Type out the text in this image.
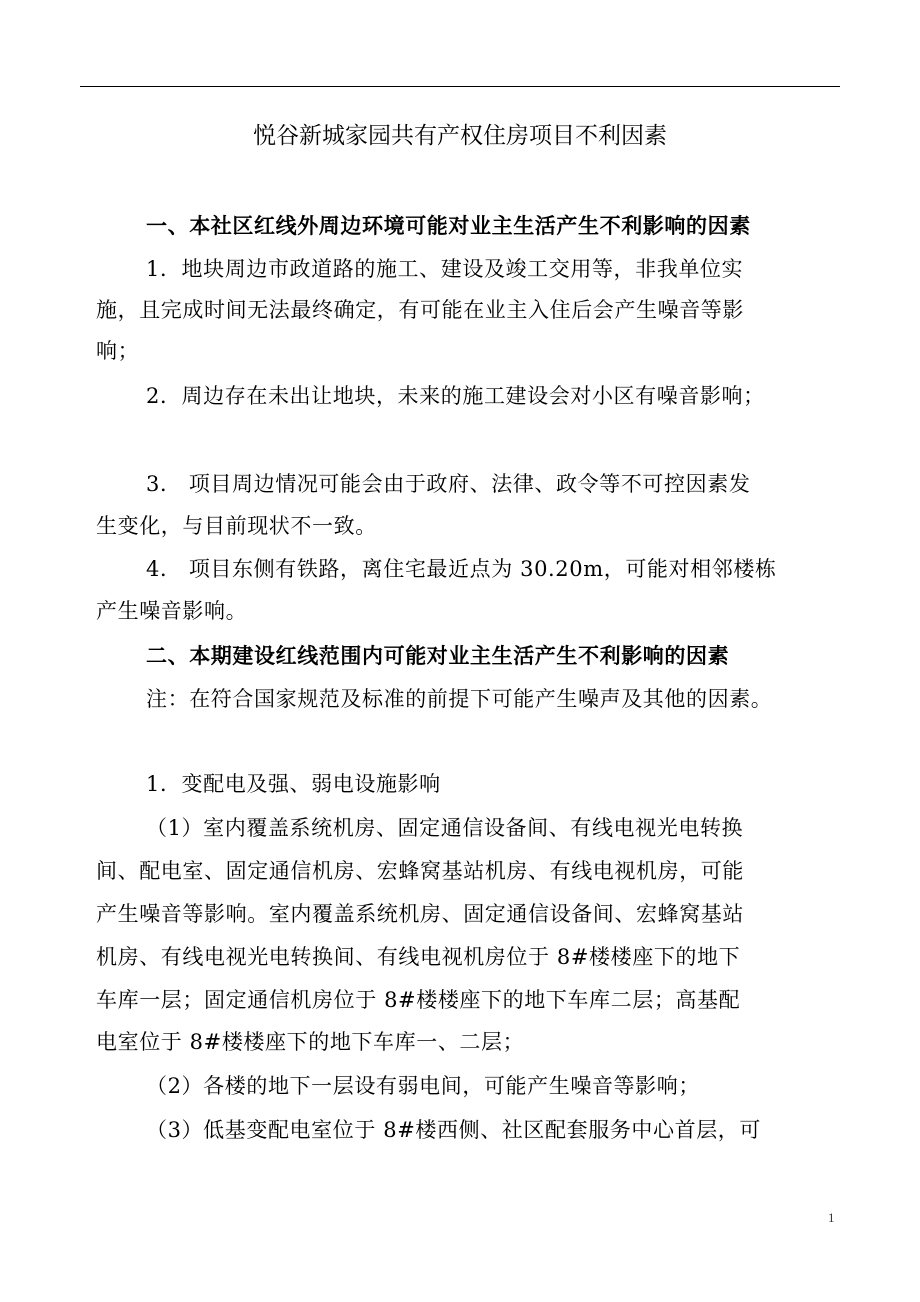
悦谷新城家园共有产权住房项目不利因素
一、本社区红线外周边环境可能对业主生活产生不利影响的因素
1．地块周边市政道路的施工、建设及竣工交用等，非我单位实
施，且完成时间无法最终确定，有可能在业主入住后会产生噪音等影
响；
2．周边存在未出让地块，未来的施工建设会对小区有噪音影响；
3． 项目周边情况可能会由于政府、法律、政令等不可控因素发
生变化，与目前现状不一致。
4． 项目东侧有铁路，离住宅最近点为 30.20m，可能对相邻楼栋
产生噪音影响。
二、本期建设红线范围内可能对业主生活产生不利影响的因素
注：在符合国家规范及标准的前提下可能产生噪声及其他的因素。
1．变配电及强、弱电设施影响
（1）室内覆盖系统机房、固定通信设备间、有线电视光电转换
间、配电室、固定通信机房、宏蜂窝基站机房、有线电视机房，可能
产生噪音等影响。室内覆盖系统机房、固定通信设备间、宏蜂窝基站
机房、有线电视光电转换间、有线电视机房位于 8#楼楼座下的地下
车库一层；固定通信机房位于 8#楼楼座下的地下车库二层；高基配
电室位于 8#楼楼座下的地下车库一、二层；
（2）各楼的地下一层设有弱电间，可能产生噪音等影响；
（3）低基变配电室位于 8#楼西侧、社区配套服务中心首层，可
1
